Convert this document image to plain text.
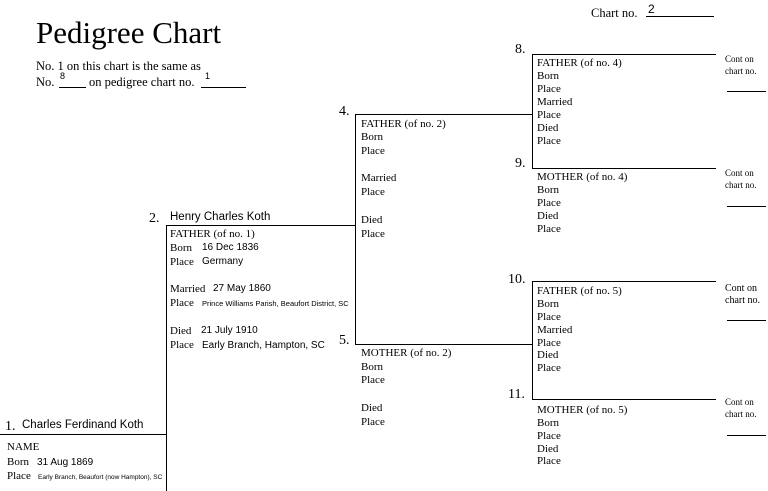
Pedigree Chart
Chart no. 2
No. 1 on this chart is the same as
No. 8 on pedigree chart no. 1
1. Charles Ferdinand Koth
NAME
Born 31 Aug 1869
Place Early Branch, Beaufort (now Hampton), SC
2. Henry Charles Koth
FATHER (of no. 1)
Born 16 Dec 1836
Place Germany
Married 27 May 1860
Place Prince Williams Parish, Beaufort District, SC
Died 21 July 1910
Place Early Branch, Hampton, SC
4.
FATHER (of no. 2)
Born
Place
Married
Place
Died
Place
5.
MOTHER (of no. 2)
Born
Place
Died
Place
8.
FATHER (of no. 4)
Born
Place
Married
Place
Died
Place
Cont on
chart no.
9.
MOTHER (of no. 4)
Born
Place
Died
Place
Cont on
chart no.
10.
FATHER (of no. 5)
Born
Place
Married
Place
Died
Place
Cont on
chart no.
11.
MOTHER (of no. 5)
Born
Place
Died
Place
Cont on
chart no.
